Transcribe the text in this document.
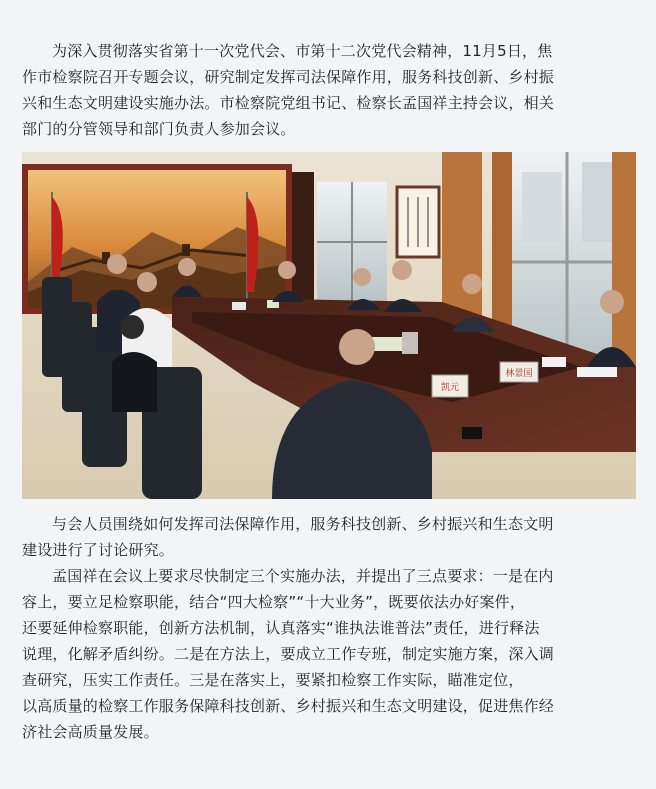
为深入贯彻落实省第十一次党代会、市第十二次党代会精神，11月5日，焦
作市检察院召开专题会议，研究制定发挥司法保障作用，服务科技创新、乡村振
兴和生态文明建设实施办法。市检察院党组书记、检察长孟国祥主持会议，相关
部门的分管领导和部门负责人参加会议。

凯元
林景国

与会人员围绕如何发挥司法保障作用，服务科技创新、乡村振兴和生态文明
建设进行了讨论研究。

孟国祥在会议上要求尽快制定三个实施办法，并提出了三点要求：一是在内
容上，要立足检察职能，结合“四大检察”“十大业务”，既要依法办好案件，
还要延伸检察职能，创新方法机制，认真落实“谁执法谁普法”责任，进行释法
说理，化解矛盾纠纷。二是在方法上，要成立工作专班，制定实施方案，深入调
查研究，压实工作责任。三是在落实上，要紧扣检察工作实际，瞄准定位，
以高质量的检察工作服务保障科技创新、乡村振兴和生态文明建设，促进焦作经
济社会高质量发展。
